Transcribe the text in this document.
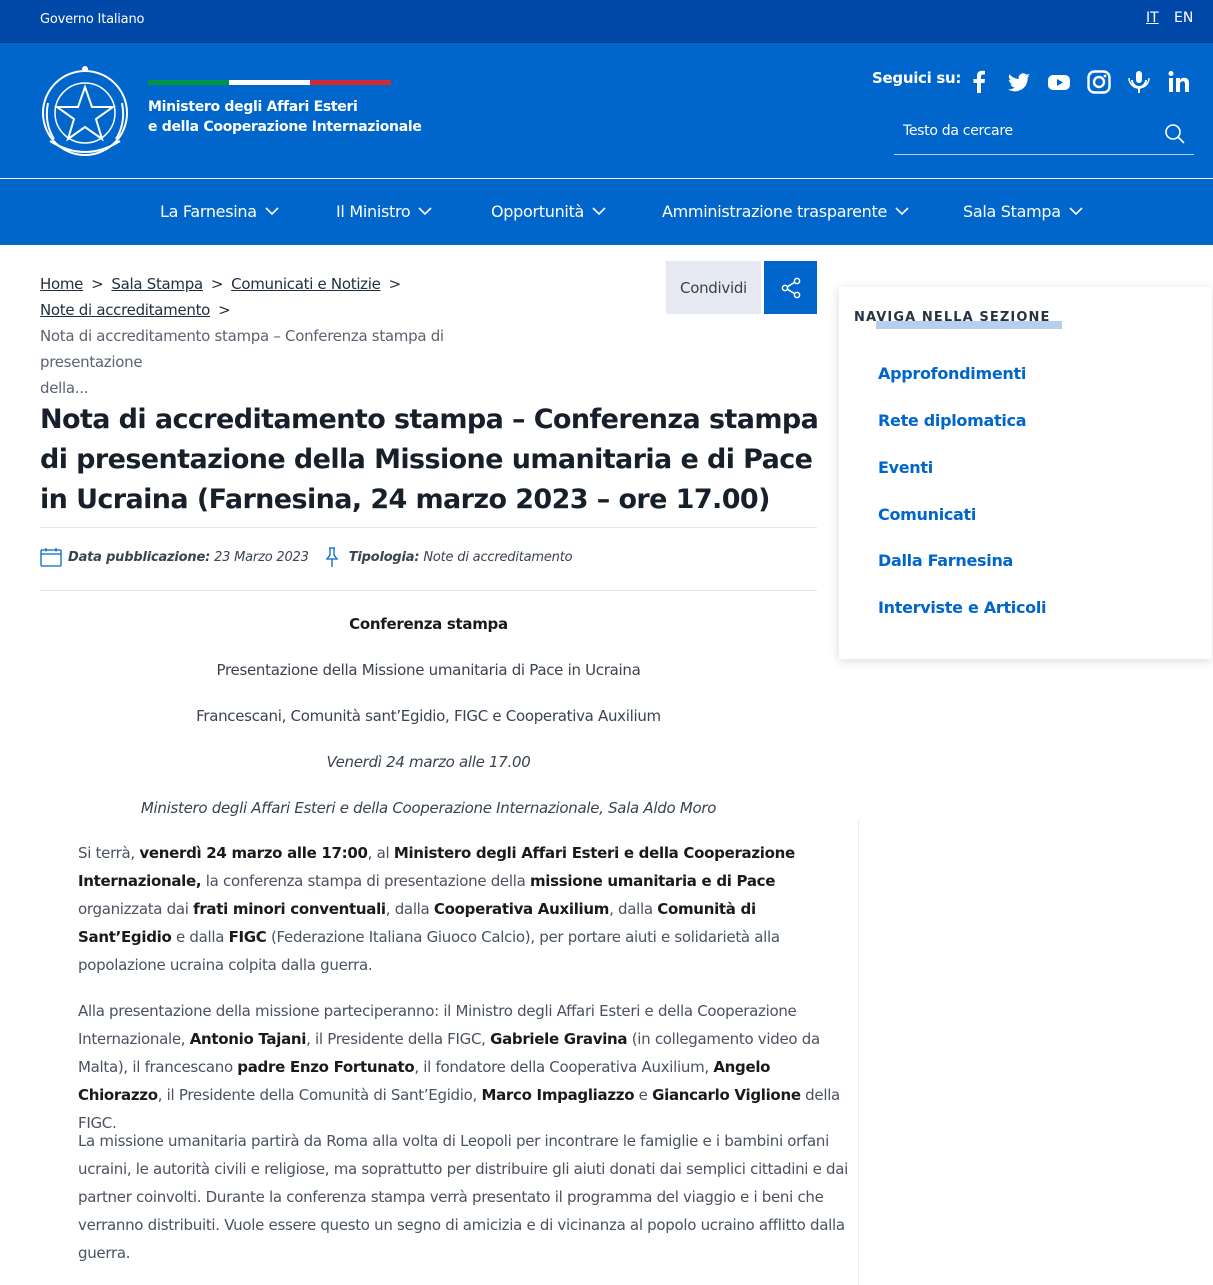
Governo Italiano	IT EN
Ministero degli Affari Esteri
e della Cooperazione Internazionale
Seguici su:
Testo da cercare
La Farnesina	Il Ministro	Opportunità	Amministrazione trasparente	Sala Stampa
Home > Sala Stampa > Comunicati e Notizie >
Note di accreditamento >
Nota di accreditamento stampa – Conferenza stampa di presentazione
della...
Condividi
Nota di accreditamento stampa – Conferenza stampa di presentazione della Missione umanitaria e di Pace in Ucraina (Farnesina, 24 marzo 2023 – ore 17.00)
Data pubblicazione: 23 Marzo 2023	Tipologia: Note di accreditamento
Conferenza stampa
Presentazione della Missione umanitaria di Pace in Ucraina
Francescani, Comunità sant’Egidio, FIGC e Cooperativa Auxilium
Venerdì 24 marzo alle 17.00
Ministero degli Affari Esteri e della Cooperazione Internazionale, Sala Aldo Moro

Si terrà, venerdì 24 marzo alle 17:00, al Ministero degli Affari Esteri e della Cooperazione Internazionale, la conferenza stampa di presentazione della missione umanitaria e di Pace organizzata dai frati minori conventuali, dalla Cooperativa Auxilium, dalla Comunità di Sant’Egidio e dalla FIGC (Federazione Italiana Giuoco Calcio), per portare aiuti e solidarietà alla popolazione ucraina colpita dalla guerra.

Alla presentazione della missione parteciperanno: il Ministro degli Affari Esteri e della Cooperazione Internazionale, Antonio Tajani, il Presidente della FIGC, Gabriele Gravina (in collegamento video da Malta), il francescano padre Enzo Fortunato, il fondatore della Cooperativa Auxilium, Angelo Chiorazzo, il Presidente della Comunità di Sant’Egidio, Marco Impagliazzo e Giancarlo Viglione della FIGC.

La missione umanitaria partirà da Roma alla volta di Leopoli per incontrare le famiglie e i bambini orfani ucraini, le autorità civili e religiose, ma soprattutto per distribuire gli aiuti donati dai semplici cittadini e dai partner coinvolti. Durante la conferenza stampa verrà presentato il programma del viaggio e i beni che verranno distribuiti. Vuole essere questo un segno di amicizia e di vicinanza al popolo ucraino afflitto dalla guerra.

NAVIGA NELLA SEZIONE
Approfondimenti
Rete diplomatica
Eventi
Comunicati
Dalla Farnesina
Interviste e Articoli
